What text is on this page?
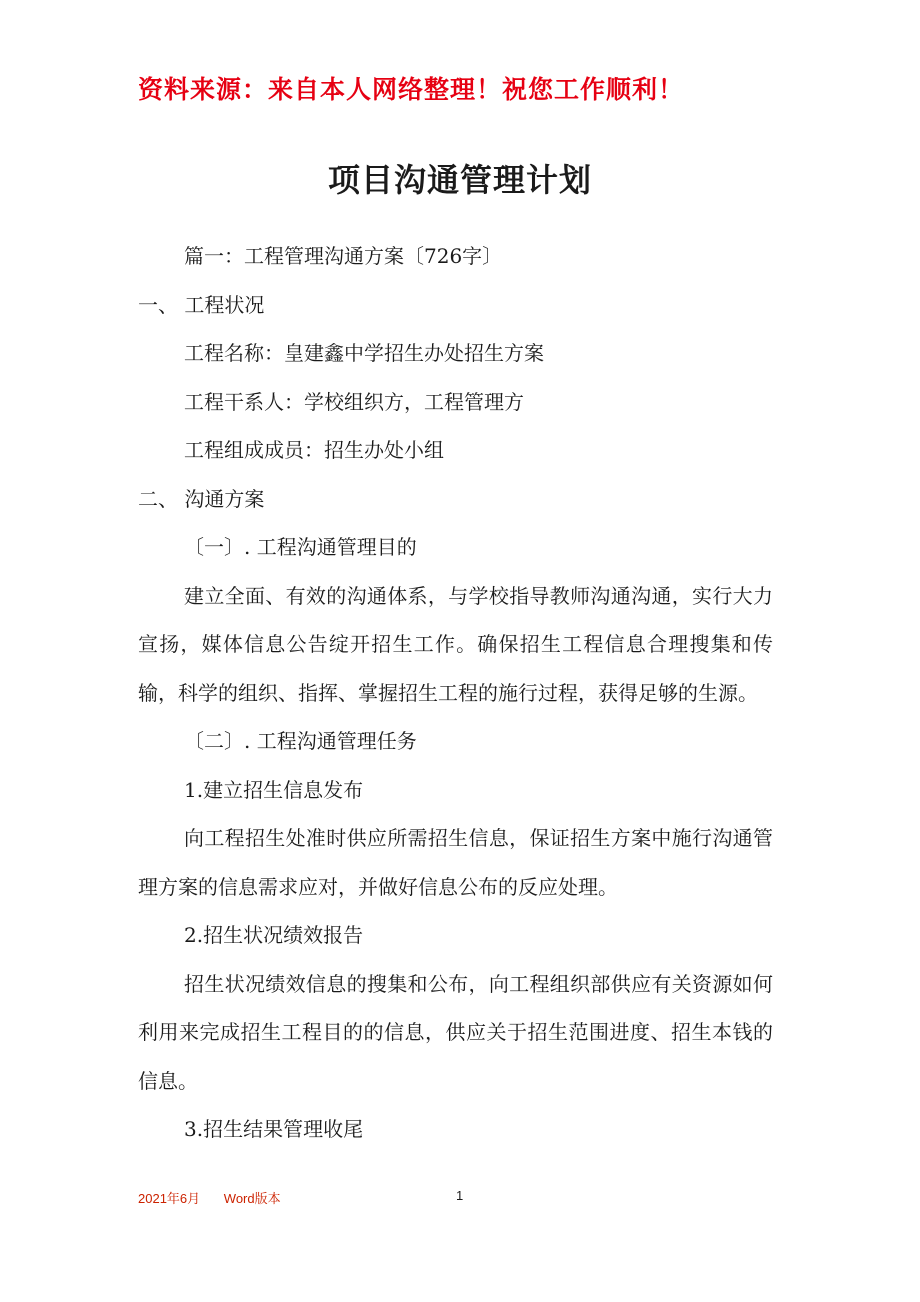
资料来源：来自本人网络整理！祝您工作顺利！
项目沟通管理计划

篇一：工程管理沟通方案〔726字〕

一、 工程状况

工程名称：皇建鑫中学招生办处招生方案

工程干系人：学校组织方，工程管理方

工程组成成员：招生办处小组

二、 沟通方案

〔一〕. 工程沟通管理目的

建立全面、有效的沟通体系，与学校指导教师沟通沟通，实行大力宣扬，媒体信息公告绽开招生工作。确保招生工程信息合理搜集和传输，科学的组织、指挥、掌握招生工程的施行过程，获得足够的生源。

〔二〕. 工程沟通管理任务

1.建立招生信息发布

向工程招生处准时供应所需招生信息，保证招生方案中施行沟通管理方案的信息需求应对，并做好信息公布的反应处理。

2.招生状况绩效报告

招生状况绩效信息的搜集和公布，向工程组织部供应有关资源如何利用来完成招生工程目的的信息，供应关于招生范围进度、招生本钱的信息。

3.招生结果管理收尾

2021年6月 Word版本	1
